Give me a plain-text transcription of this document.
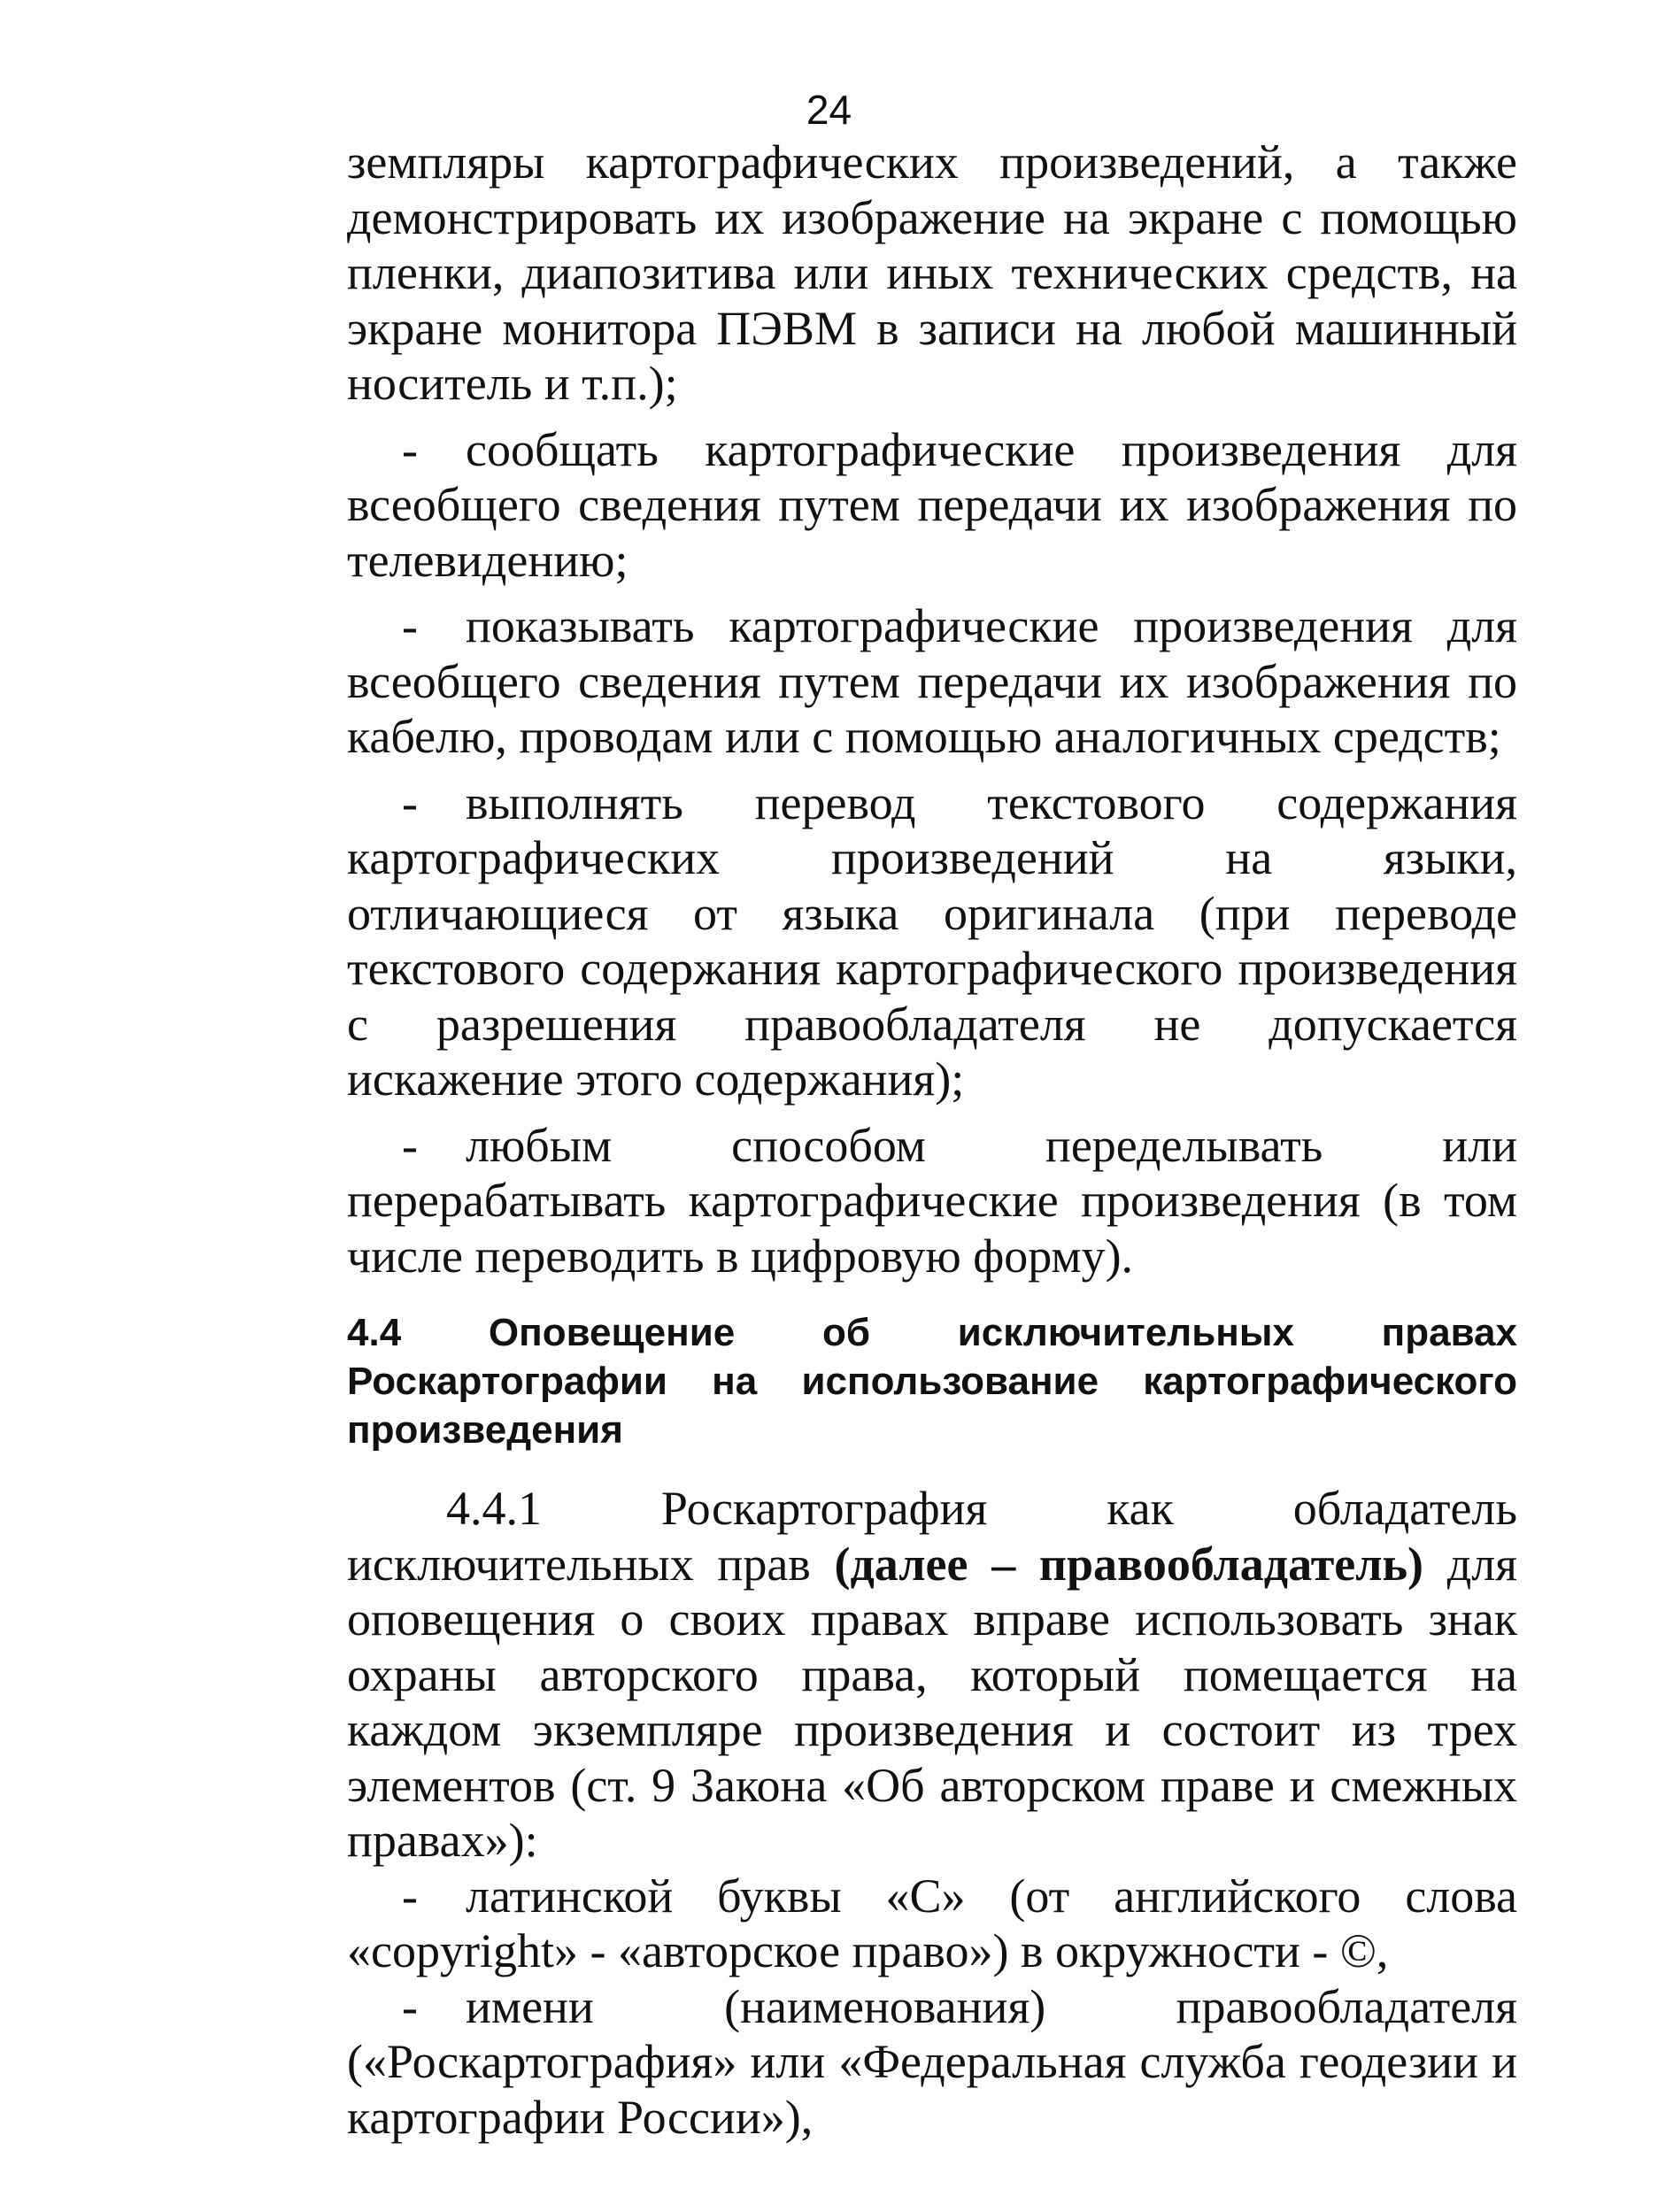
24

земпляры картографических произведений, а также демонстрировать их изображение на экране с помощью пленки, диапозитива или иных технических средств, на экране монитора ПЭВМ в записи на любой машинный носитель и т.п.);

- сообщать картографические произведения для всеобщего сведения путем передачи их изображения по телевидению;

- показывать картографические произведения для всеобщего сведения путем передачи их изображения по кабелю, проводам или с помощью аналогичных средств;

- выполнять перевод текстового содержания картографических произведений на языки, отличающиеся от языка оригинала (при переводе текстового содержания картографического произведения с разрешения правообладателя не допускается искажение этого содержания);

- любым способом переделывать или перерабатывать картографические произведения (в том числе переводить в цифровую форму).

4.4 Оповещение об исключительных правах Роскартографии на использование картографического произведения

4.4.1 Роскартография как обладатель исключительных прав (далее – правообладатель) для оповещения о своих правах вправе использовать знак охраны авторского права, который помещается на каждом экземпляре произведения и состоит из трех элементов (ст. 9 Закона «Об авторском праве и смежных правах»):

- латинской буквы «С» (от английского слова «copyright» - «авторское право») в окружности - ©,

- имени (наименования) правообладателя («Роскартография» или «Федеральная служба геодезии и картографии России»),
